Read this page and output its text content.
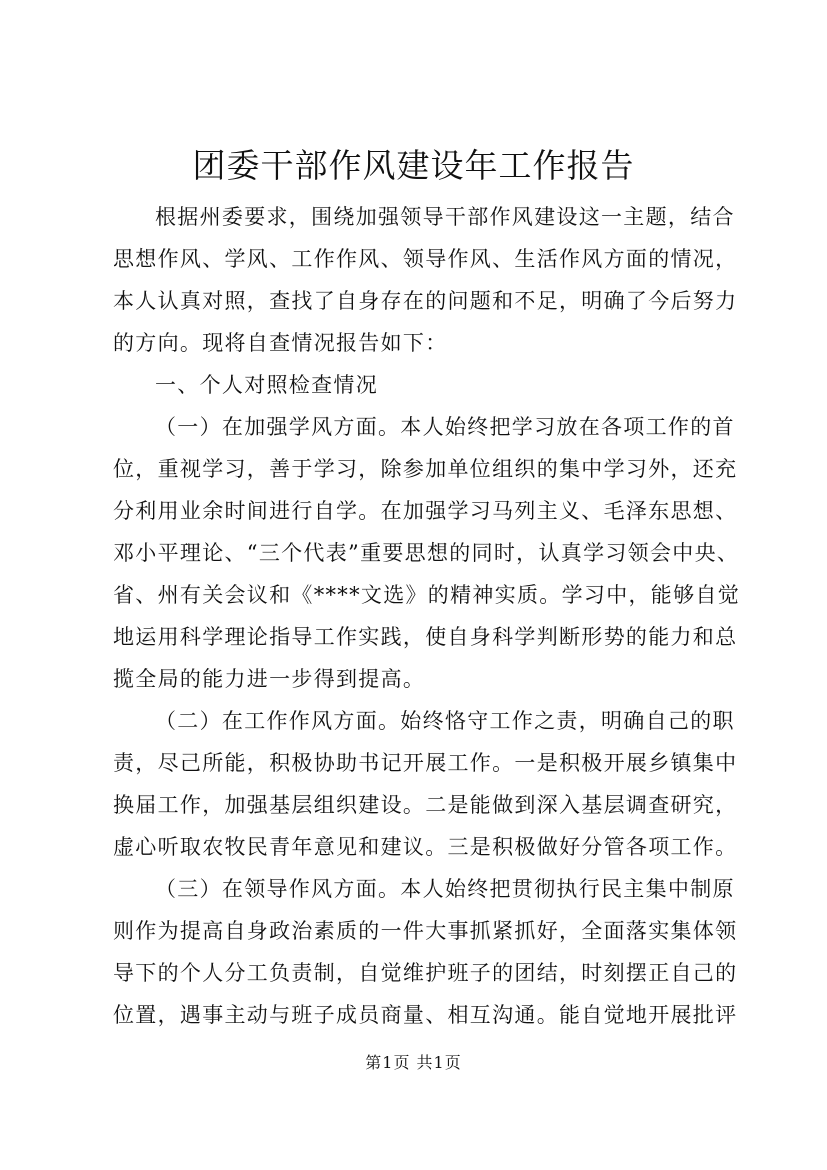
团委干部作风建设年工作报告
根据州委要求，围绕加强领导干部作风建设这一主题，结合
思想作风、学风、工作作风、领导作风、生活作风方面的情况，
本人认真对照，查找了自身存在的问题和不足，明确了今后努力
的方向。现将自查情况报告如下：
一、个人对照检查情况
（一）在加强学风方面。本人始终把学习放在各项工作的首
位，重视学习，善于学习，除参加单位组织的集中学习外，还充
分利用业余时间进行自学。在加强学习马列主义、毛泽东思想、
邓小平理论、“三个代表”重要思想的同时，认真学习领会中央、
省、州有关会议和《****文选》的精神实质。学习中，能够自觉
地运用科学理论指导工作实践，使自身科学判断形势的能力和总
揽全局的能力进一步得到提高。
（二）在工作作风方面。始终恪守工作之责，明确自己的职
责，尽己所能，积极协助书记开展工作。一是积极开展乡镇集中
换届工作，加强基层组织建设。二是能做到深入基层调查研究，
虚心听取农牧民青年意见和建议。三是积极做好分管各项工作。
（三）在领导作风方面。本人始终把贯彻执行民主集中制原
则作为提高自身政治素质的一件大事抓紧抓好，全面落实集体领
导下的个人分工负责制，自觉维护班子的团结，时刻摆正自己的
位置，遇事主动与班子成员商量、相互沟通。能自觉地开展批评
第1页 共1页
